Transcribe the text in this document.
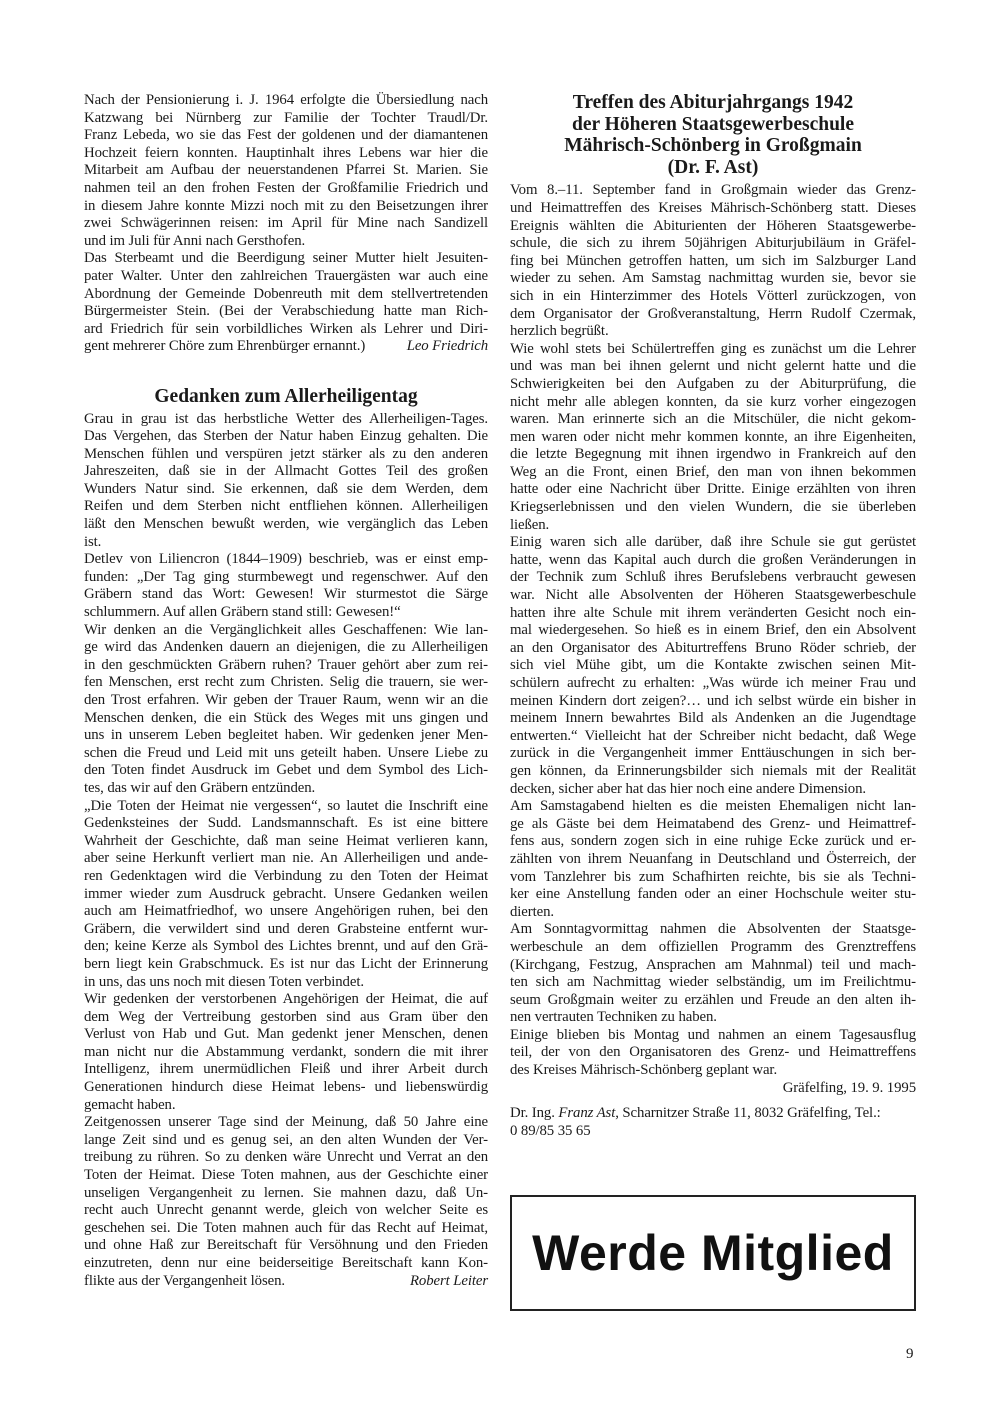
Nach der Pensionierung i. J. 1964 erfolgte die Übersiedlung nach
Katzwang bei Nürnberg zur Familie der Tochter Traudl/Dr.
Franz Lebeda, wo sie das Fest der goldenen und der diamantenen
Hochzeit feiern konnten. Hauptinhalt ihres Lebens war hier die
Mitarbeit am Aufbau der neuerstandenen Pfarrei St. Marien. Sie
nahmen teil an den frohen Festen der Großfamilie Friedrich und
in diesem Jahre konnte Mizzi noch mit zu den Beisetzungen ihrer
zwei Schwägerinnen reisen: im April für Mine nach Sandizell
und im Juli für Anni nach Gersthofen.
Das Sterbeamt und die Beerdigung seiner Mutter hielt Jesuiten-
pater Walter. Unter den zahlreichen Trauergästen war auch eine
Abordnung der Gemeinde Dobenreuth mit dem stellvertretenden
Bürgermeister Stein. (Bei der Verabschiedung hatte man Rich-
ard Friedrich für sein vorbildliches Wirken als Lehrer und Diri-
gent mehrerer Chöre zum Ehrenbürger ernannt.)	Leo Friedrich
Gedanken zum Allerheiligentag
Grau in grau ist das herbstliche Wetter des Allerheiligen-Tages.
Das Vergehen, das Sterben der Natur haben Einzug gehalten. Die
Menschen fühlen und verspüren jetzt stärker als zu den anderen
Jahreszeiten, daß sie in der Allmacht Gottes Teil des großen
Wunders Natur sind. Sie erkennen, daß sie dem Werden, dem
Reifen und dem Sterben nicht entfliehen können. Allerheiligen
läßt den Menschen bewußt werden, wie vergänglich das Leben
ist.
Detlev von Liliencron (1844–1909) beschrieb, was er einst emp-
funden: „Der Tag ging sturmbewegt und regenschwer. Auf den
Gräbern stand das Wort: Gewesen! Wir sturmestot die Särge
schlummern. Auf allen Gräbern stand still: Gewesen!“
Wir denken an die Vergänglichkeit alles Geschaffenen: Wie lan-
ge wird das Andenken dauern an diejenigen, die zu Allerheiligen
in den geschmückten Gräbern ruhen? Trauer gehört aber zum rei-
fen Menschen, erst recht zum Christen. Selig die trauern, sie wer-
den Trost erfahren. Wir geben der Trauer Raum, wenn wir an die
Menschen denken, die ein Stück des Weges mit uns gingen und
uns in unserem Leben begleitet haben. Wir gedenken jener Men-
schen die Freud und Leid mit uns geteilt haben. Unsere Liebe zu
den Toten findet Ausdruck im Gebet und dem Symbol des Lich-
tes, das wir auf den Gräbern entzünden.
„Die Toten der Heimat nie vergessen“, so lautet die Inschrift eine
Gedenksteines der Sudd. Landsmannschaft. Es ist eine bittere
Wahrheit der Geschichte, daß man seine Heimat verlieren kann,
aber seine Herkunft verliert man nie. An Allerheiligen und ande-
ren Gedenktagen wird die Verbindung zu den Toten der Heimat
immer wieder zum Ausdruck gebracht. Unsere Gedanken weilen
auch am Heimatfriedhof, wo unsere Angehörigen ruhen, bei den
Gräbern, die verwildert sind und deren Grabsteine entfernt wur-
den; keine Kerze als Symbol des Lichtes brennt, und auf den Grä-
bern liegt kein Grabschmuck. Es ist nur das Licht der Erinnerung
in uns, das uns noch mit diesen Toten verbindet.
Wir gedenken der verstorbenen Angehörigen der Heimat, die auf
dem Weg der Vertreibung gestorben sind aus Gram über den
Verlust von Hab und Gut. Man gedenkt jener Menschen, denen
man nicht nur die Abstammung verdankt, sondern die mit ihrer
Intelligenz, ihrem unermüdlichen Fleiß und ihrer Arbeit durch
Generationen hindurch diese Heimat lebens- und liebenswürdig
gemacht haben.
Zeitgenossen unserer Tage sind der Meinung, daß 50 Jahre eine
lange Zeit sind und es genug sei, an den alten Wunden der Ver-
treibung zu rühren. So zu denken wäre Unrecht und Verrat an den
Toten der Heimat. Diese Toten mahnen, aus der Geschichte einer
unseligen Vergangenheit zu lernen. Sie mahnen dazu, daß Un-
recht auch Unrecht genannt werde, gleich von welcher Seite es
geschehen sei. Die Toten mahnen auch für das Recht auf Heimat,
und ohne Haß zur Bereitschaft für Versöhnung und den Frieden
einzutreten, denn nur eine beiderseitige Bereitschaft kann Kon-
flikte aus der Vergangenheit lösen.	Robert Leiter
Treffen des Abiturjahrgangs 1942
der Höheren Staatsgewerbeschule
Mährisch-Schönberg in Großgmain
(Dr. F. Ast)
Vom 8.–11. September fand in Großgmain wieder das Grenz-
und Heimattreffen des Kreises Mährisch-Schönberg statt. Dieses
Ereignis wählten die Abiturienten der Höheren Staatsgewerbe-
schule, die sich zu ihrem 50jährigen Abiturjubiläum in Gräfel-
fing bei München getroffen hatten, um sich im Salzburger Land
wieder zu sehen. Am Samstag nachmittag wurden sie, bevor sie
sich in ein Hinterzimmer des Hotels Vötterl zurückzogen, von
dem Organisator der Großveranstaltung, Herrn Rudolf Czermak,
herzlich begrüßt.
Wie wohl stets bei Schülertreffen ging es zunächst um die Lehrer
und was man bei ihnen gelernt und nicht gelernt hatte und die
Schwierigkeiten bei den Aufgaben zu der Abiturprüfung, die
nicht mehr alle ablegen konnten, da sie kurz vorher eingezogen
waren. Man erinnerte sich an die Mitschüler, die nicht gekom-
men waren oder nicht mehr kommen konnte, an ihre Eigenheiten,
die letzte Begegnung mit ihnen irgendwo in Frankreich auf den
Weg an die Front, einen Brief, den man von ihnen bekommen
hatte oder eine Nachricht über Dritte. Einige erzählten von ihren
Kriegserlebnissen und den vielen Wundern, die sie überleben
ließen.
Einig waren sich alle darüber, daß ihre Schule sie gut gerüstet
hatte, wenn das Kapital auch durch die großen Veränderungen in
der Technik zum Schluß ihres Berufslebens verbraucht gewesen
war. Nicht alle Absolventen der Höheren Staatsgewerbeschule
hatten ihre alte Schule mit ihrem veränderten Gesicht noch ein-
mal wiedergesehen. So hieß es in einem Brief, den ein Absolvent
an den Organisator des Abiturtreffens Bruno Röder schrieb, der
sich viel Mühe gibt, um die Kontakte zwischen seinen Mit-
schülern aufrecht zu erhalten: „Was würde ich meiner Frau und
meinen Kindern dort zeigen?… und ich selbst würde ein bisher in
meinem Innern bewahrtes Bild als Andenken an die Jugendtage
entwerten.“ Vielleicht hat der Schreiber nicht bedacht, daß Wege
zurück in die Vergangenheit immer Enttäuschungen in sich ber-
gen können, da Erinnerungsbilder sich niemals mit der Realität
decken, sicher aber hat das hier noch eine andere Dimension.
Am Samstagabend hielten es die meisten Ehemaligen nicht lan-
ge als Gäste bei dem Heimatabend des Grenz- und Heimattref-
fens aus, sondern zogen sich in eine ruhige Ecke zurück und er-
zählten von ihrem Neuanfang in Deutschland und Österreich, der
vom Tanzlehrer bis zum Schafhirten reichte, bis sie als Techni-
ker eine Anstellung fanden oder an einer Hochschule weiter stu-
dierten.
Am Sonntagvormittag nahmen die Absolventen der Staatsge-
werbeschule an dem offiziellen Programm des Grenztreffens
(Kirchgang, Festzug, Ansprachen am Mahnmal) teil und mach-
ten sich am Nachmittag wieder selbständig, um im Freilichtmu-
seum Großgmain weiter zu erzählen und Freude an den alten ih-
nen vertrauten Techniken zu haben.
Einige blieben bis Montag und nahmen an einem Tagesausflug
teil, der von den Organisatoren des Grenz- und Heimattreffens
des Kreises Mährisch-Schönberg geplant war.
Gräfelfing, 19. 9. 1995
Dr. Ing. Franz Ast, Scharnitzer Straße 11, 8032 Gräfelfing, Tel.:
0 89/85 35 65
Werde Mitglied
9
